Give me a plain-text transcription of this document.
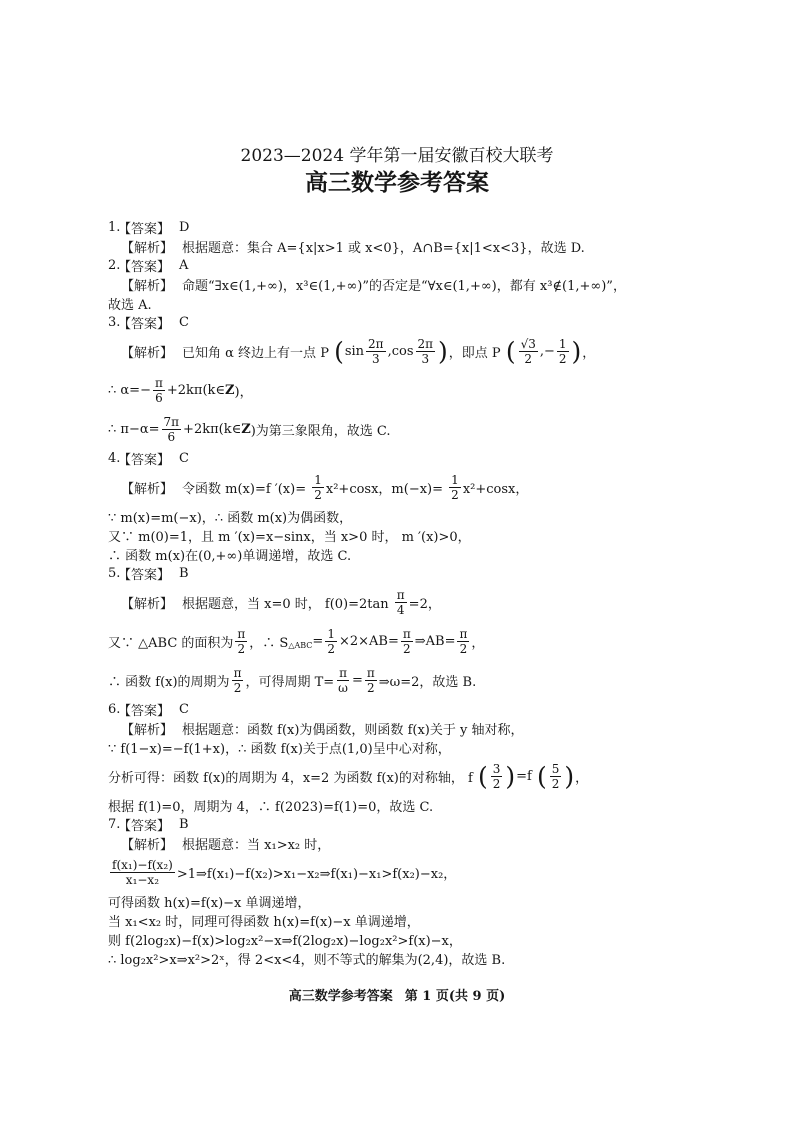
2023—2024 学年第一届安徽百校大联考
高三数学参考答案
1.
【答案】 D
【解析】 根据题意：集合 A={x|x>1 或 x<0}，A∩B={x|1<x<3}，故选 D.
2.
【答案】 A
【解析】 命题“∃x∈(1,+∞)，x³∈(1,+∞)”的否定是“∀x∈(1,+∞)，都有 x³∉(1,+∞)”，
故选 A.
3.
【答案】 C
【解析】 已知角 α 终边上有一点 P ( $\sin \frac{2\pi}{3} ,\cos \frac{2\pi}{3}$ ) ，即点 P ( $\frac{√3}{2}$ ,− $\frac{1}{2}$ ) ，
∴ $\alpha=- \frac{\pi}{6}$ +2kπ(k∈ Z )，
∴ $\pi-\alpha= \frac{7\pi}{6}$ +2kπ(k∈ Z )为第三象限角，故选 C.
4.
【答案】 C
【解析】 令函数 m(x)=f $'(x)= \frac{1}{2} x^2+\cos x$，$m(-x)= \frac{1}{2} x^2+\cos x$，
∵ m(x)=m(−x)，∴ 函数 m(x)为偶函数，
又∵ m(0)=1，且 m ′(x)=x−sinx，当 x>0 时， m ′(x)>0，
∴ 函数 m(x)在(0,+∞)单调递增，故选 C.
5.
【答案】 B
【解析】 根据题意，当 x=0 时， $f(0)=2\tan \frac{\pi}{4} =2$，
又∵ △ABC 的面积为 $\frac{\pi}{2}$ ，∴ S △ABC = $\frac{1}{2} \times 2\times AB= \frac{\pi}{2}$ ⇒AB= $\frac{\pi}{2}$ ，
∴ 函数 f(x)的周期为 $\frac{\pi}{2}$ ，可得周期 $T= \frac{\pi}{\omega} = \frac{\pi}{2}$ ⇒ω=2，故选 B.
6.
【答案】 C
【解析】 根据题意：函数 f(x)为偶函数，则函数 f(x)关于 y 轴对称，
∵ f(1−x)=−f(1+x)，∴ 函数 f(x)关于点(1,0)呈中心对称，
分析可得：函数 f(x)的周期为 4，x=2 为函数 f(x)的对称轴， f ( $\frac{3}{2}$ ) =f ( $\frac{5}{2}$ ) ，
根据 f(1)=0，周期为 4，∴ f(2023)=f(1)=0，故选 C.
7.
【答案】 B
【解析】 根据题意：当 x₁>x₂ 时，
$\frac{\text{f(x₁)−f(x₂)}}{\text{x₁−x₂}}$ >1⇒f(x₁)−f(x₂)>x₁−x₂⇒f(x₁)−x₁>f(x₂)−x₂，
可得函数 h(x)=f(x)−x 单调递增，
当 x₁<x₂ 时，同理可得函数 h(x)=f(x)−x 单调递增，
则 f(2log₂x)−f(x)>log₂x²−x⇒f(2log₂x)−log₂x²>f(x)−x，
∴ log₂x²>x⇒x²>2ˣ，得 2<x<4，则不等式的解集为(2,4)，故选 B.
高三数学参考答案 第 1 页(共 9 页)
